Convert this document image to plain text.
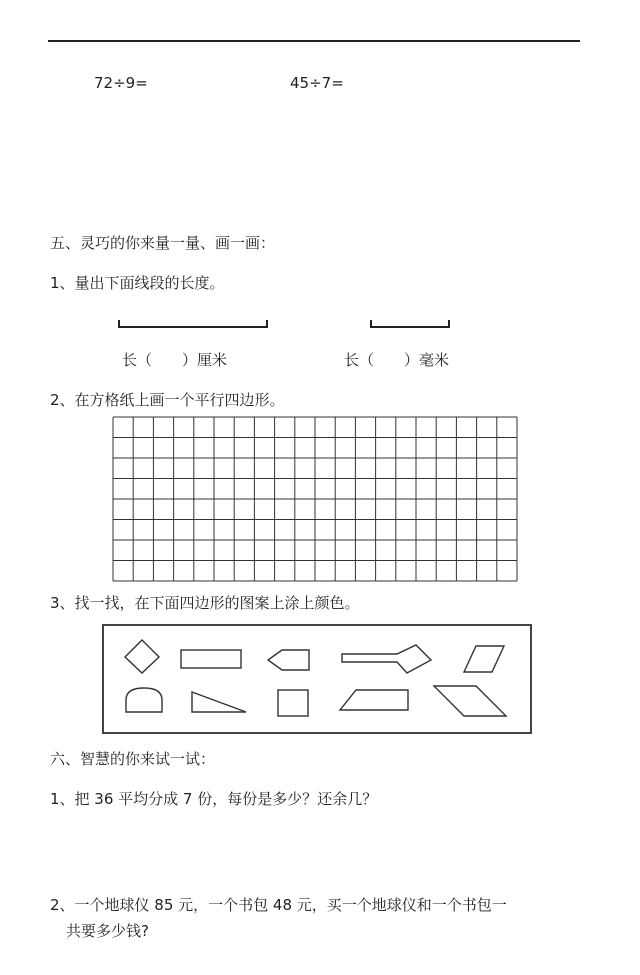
72÷9=	45÷7=
五、灵巧的你来量一量、画一画：
1、量出下面线段的长度。
长（　　）厘米	长（　　）毫米
2、在方格纸上画一个平行四边形。
3、找一找，在下面四边形的图案上涂上颜色。
六、智慧的你来试一试：
1、把 36 平均分成 7 份，每份是多少？还余几？
2、一个地球仪 85 元，一个书包 48 元，买一个地球仪和一个书包一
共要多少钱?
